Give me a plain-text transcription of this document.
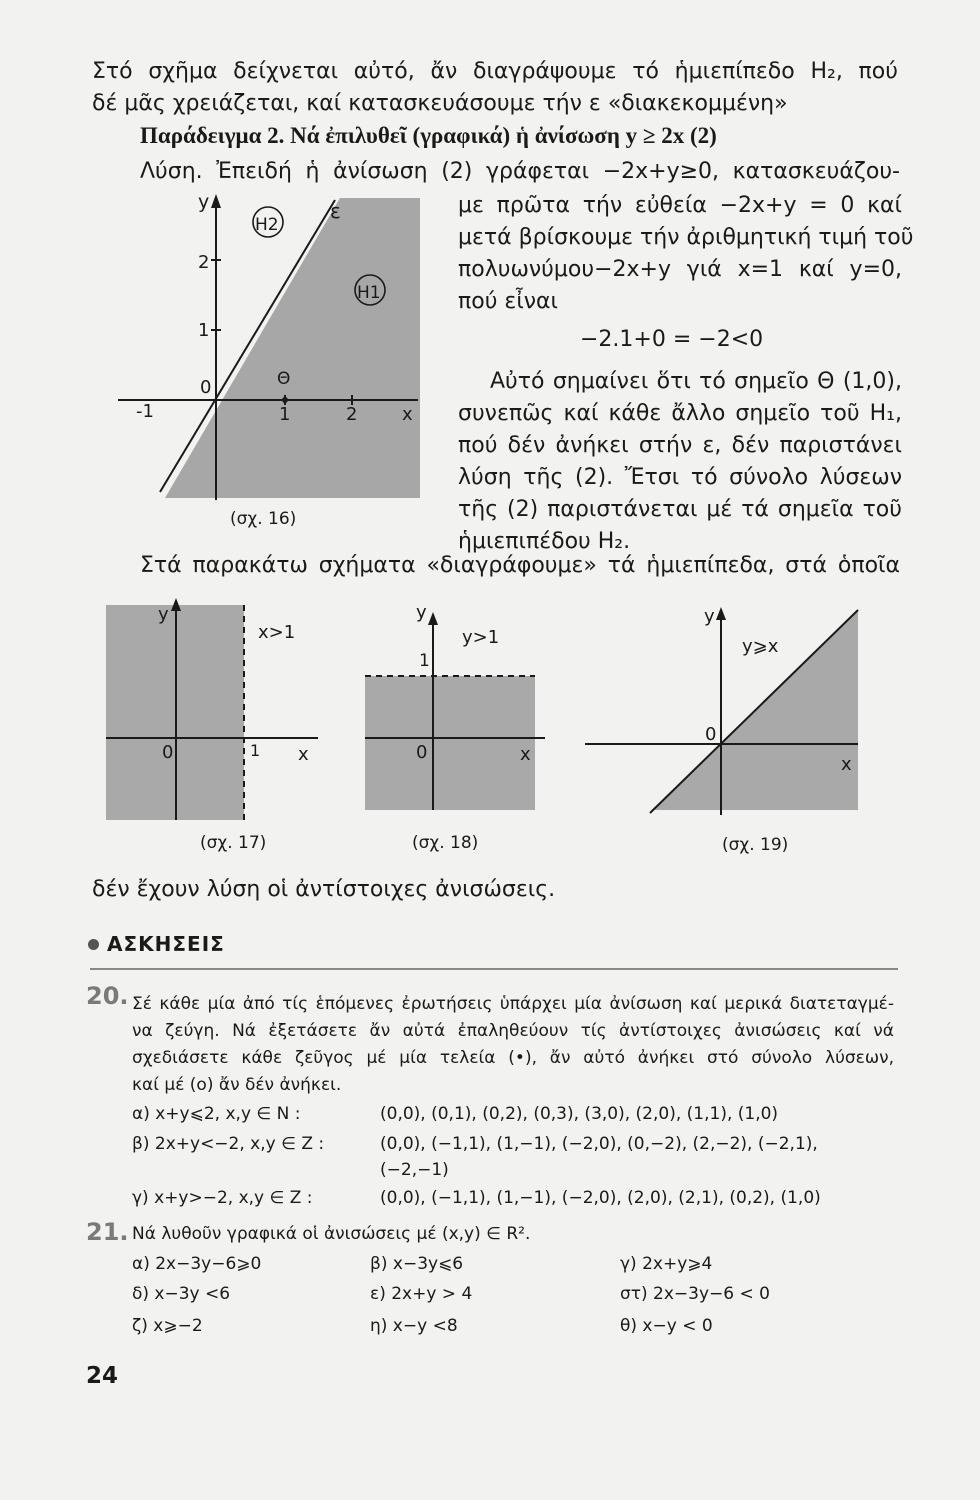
Στό σχῆμα δείχνεται αὐτό, ἄν διαγράψουμε τό ἡμιεπίπεδο H₂, πού
δέ μᾶς χρειάζεται, καί κατασκευάσουμε τήν ε «διακεκομμένη»
Παράδειγμα 2. Νά ἐπιλυθεῖ (γραφικά) ἡ ἀνίσωση y ≥ 2x (2)
Λύση. Ἐπειδή ἡ ἀνίσωση (2) γράφεται −2x+y≥0, κατασκευάζου-
με πρῶτα τήν εὐθεία −2x+y = 0 καί
μετά βρίσκουμε τήν ἀριθμητική τιμή τοῦ
πολυωνύμου−2x+y γιά x=1 καί y=0,
πού εἶναι
−2.1+0 = −2<0
Αὐτό σημαίνει ὅτι τό σημεῖο Θ (1,0),
συνεπῶς καί κάθε ἄλλο σημεῖο τοῦ H₁,
πού δέν ἀνήκει στήν ε, δέν παριστάνει
λύση τῆς (2). Ἔτσι τό σύνολο λύσεων
τῆς (2) παριστάνεται μέ τά σημεῖα τοῦ
ἡμιεπιπέδου H₂.
y	ε
H2
H1
2
1
0	Θ
-1	1	2 x
(σχ. 16)
Στά παρακάτω σχήματα «διαγράφουμε» τά ἡμιεπίπεδα, στά ὁποῖα
y
x>1
0	1 x
(σχ. 17)
y
y>1
1
0	x
(σχ. 18)
y
y⩾x
0
x
(σχ. 19)
δέν ἔχουν λύση οἱ ἀντίστοιχες ἀνισώσεις.
ΑΣΚΗΣΕΙΣ
20. Σέ κάθε μία ἀπό τίς ἑπόμενες ἐρωτήσεις ὑπάρχει μία ἀνίσωση καί μερικά διατεταγμέ-
να ζεύγη. Νά ἐξετάσετε ἄν αὐτά ἐπαληθεύουν τίς ἀντίστοιχες ἀνισώσεις καί νά
σχεδιάσετε κάθε ζεῦγος μέ μία τελεία (•), ἄν αὐτό ἀνήκει στό σύνολο λύσεων,
καί μέ (ο) ἄν δέν ἀνήκει.
α) x+y⩽2, x,y ∈ N :	(0,0), (0,1), (0,2), (0,3), (3,0), (2,0), (1,1), (1,0)
β) 2x+y<−2, x,y ∈ Z :	(0,0), (−1,1), (1,−1), (−2,0), (0,−2), (2,−2), (−2,1),
(−2,−1)
γ) x+y>−2, x,y ∈ Z :	(0,0), (−1,1), (1,−1), (−2,0), (2,0), (2,1), (0,2), (1,0)
21. Νά λυθοῦν γραφικά οἱ ἀνισώσεις μέ (x,y) ∈ R².
α) 2x−3y−6⩾0	β) x−3y⩽6	γ) 2x+y⩾4
δ) x−3y <6	ε) 2x+y > 4	στ) 2x−3y−6 < 0
ζ) x⩾−2	η) x−y <8	θ) x−y < 0
24
